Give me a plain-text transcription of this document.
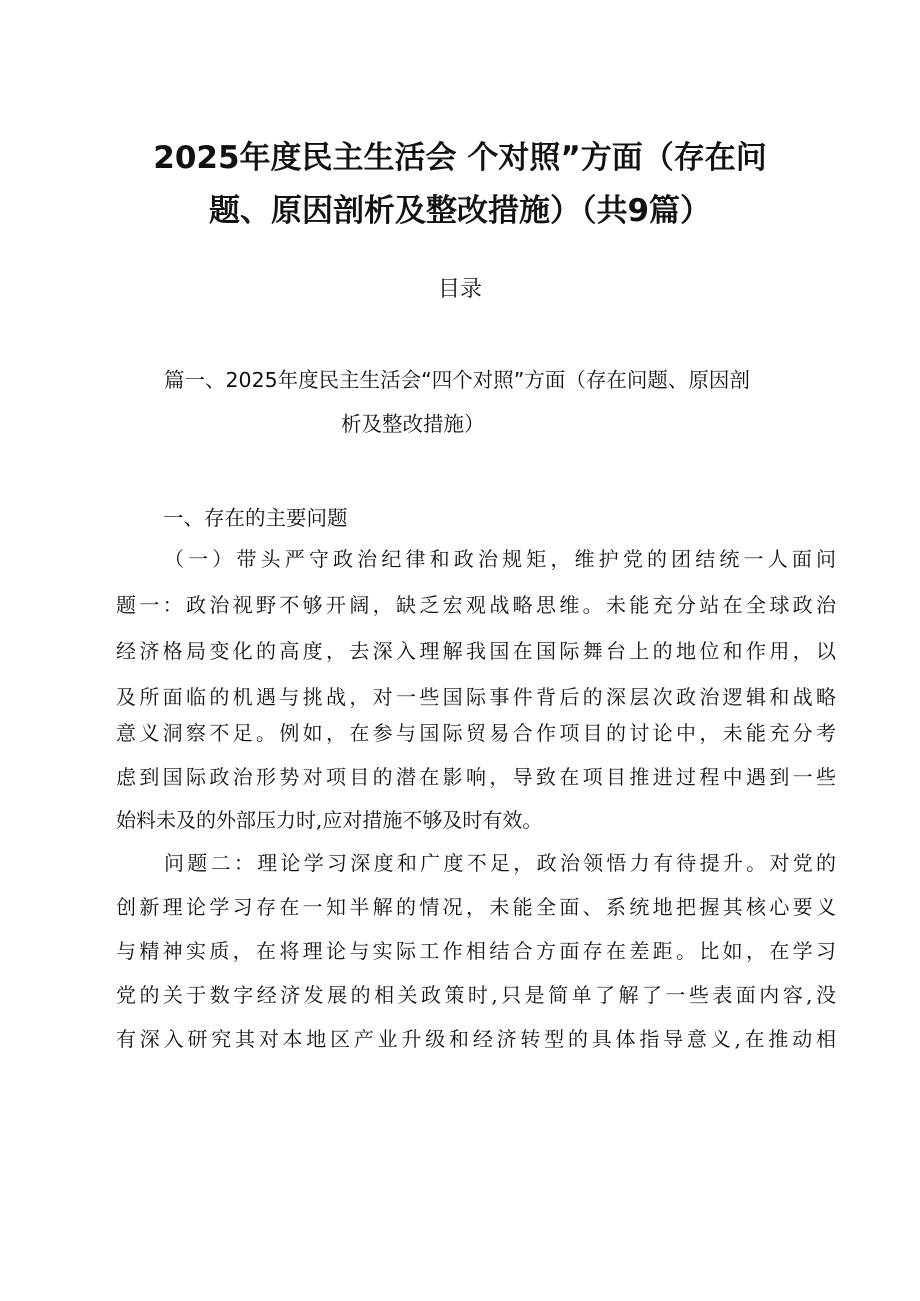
2025年度民主生活会 个对照”方面（存在问
题、原因剖析及整改措施）（共9篇）
目录
篇一、2025年度民主生活会“四个对照”方面（存在问题、原因剖
析及整改措施）
一、存在的主要问题
（一）带头严守政治纪律和政治规矩，维护党的团结统一人面问
题一：政治视野不够开阔，缺乏宏观战略思维。未能充分站在全球政治
经济格局变化的高度，去深入理解我国在国际舞台上的地位和作用，以
及所面临的机遇与挑战，对一些国际事件背后的深层次政治逻辑和战略
意义洞察不足。例如，在参与国际贸易合作项目的讨论中，未能充分考
虑到国际政治形势对项目的潜在影响，导致在项目推进过程中遇到一些
始料未及的外部压力时,应对措施不够及时有效。
问题二：理论学习深度和广度不足，政治领悟力有待提升。对党的
创新理论学习存在一知半解的情况，未能全面、系统地把握其核心要义
与精神实质，在将理论与实际工作相结合方面存在差距。比如，在学习
党的关于数字经济发展的相关政策时,只是简单了解了一些表面内容,没
有深入研究其对本地区产业升级和经济转型的具体指导意义,在推动相
